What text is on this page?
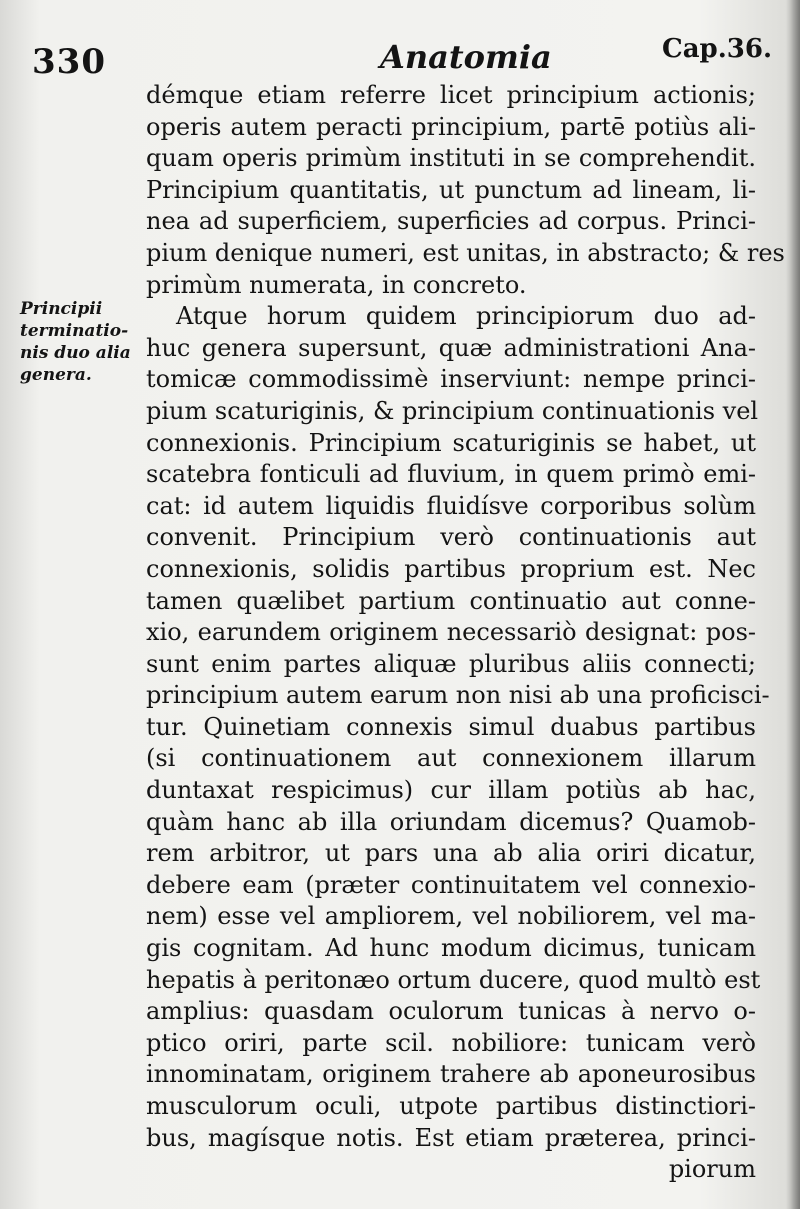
330	Anatomia	Cap.36.
Principii
terminatio-
nis duo alia
genera.
démque etiam referre licet principium actionis;
operis autem peracti principium, partē potiùs ali-
quam operis primùm instituti in se comprehendit.
Principium quantitatis, ut punctum ad lineam, li-
nea ad superficiem, superficies ad corpus. Princi-
pium denique numeri, est unitas, in abstracto; & res
primùm numerata, in concreto.
Atque horum quidem principiorum duo ad-
huc genera supersunt, quæ administrationi Ana-
tomicæ commodissimè inserviunt: nempe princi-
pium scaturiginis, & principium continuationis vel
connexionis. Principium scaturiginis se habet, ut
scatebra fonticuli ad fluvium, in quem primò emi-
cat: id autem liquidis fluidísve corporibus solùm
convenit. Principium verò continuationis aut
connexionis, solidis partibus proprium est. Nec
tamen quælibet partium continuatio aut conne-
xio, earundem originem necessariò designat: pos-
sunt enim partes aliquæ pluribus aliis connecti;
principium autem earum non nisi ab una proficisci-
tur. Quinetiam connexis simul duabus partibus
(si continuationem aut connexionem illarum
duntaxat respicimus) cur illam potiùs ab hac,
quàm hanc ab illa oriundam dicemus? Quamob-
rem arbitror, ut pars una ab alia oriri dicatur,
debere eam (præter continuitatem vel connexio-
nem) esse vel ampliorem, vel nobiliorem, vel ma-
gis cognitam. Ad hunc modum dicimus, tunicam
hepatis à peritonæo ortum ducere, quod multò est
amplius: quasdam oculorum tunicas à nervo o-
ptico oriri, parte scil. nobiliore: tunicam verò
innominatam, originem trahere ab aponeurosibus
musculorum oculi, utpote partibus distinctiori-
bus, magísque notis. Est etiam præterea, princi-
piorum
